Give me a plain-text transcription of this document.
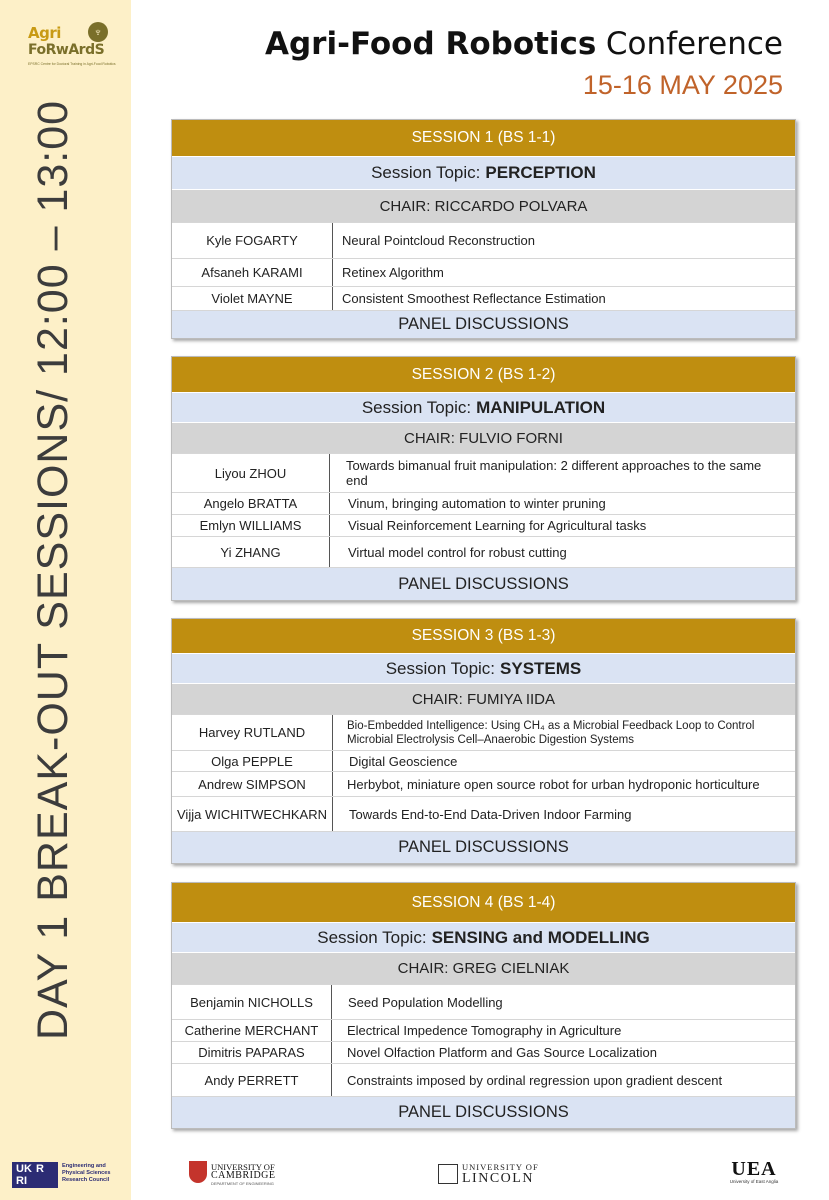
Agri	♆
FoRwArdS
EPSRC Centre for Doctoral Training in Agri-Food Robotics
DAY 1 BREAK-OUT SESSIONS/ 12:00 – 13:00
UK R
RI
Engineering and Physical Sciences Research Council
Agri-Food Robotics Conference
15-16 MAY 2025
SESSION 1 (BS 1-1)
Session Topic: PERCEPTION
CHAIR: RICCARDO POLVARA
Kyle FOGARTY	Neural Pointcloud Reconstruction
Afsaneh KARAMI	Retinex Algorithm
Violet MAYNE	Consistent Smoothest Reflectance Estimation
PANEL DISCUSSIONS
SESSION 2 (BS 1-2)
Session Topic: MANIPULATION
CHAIR: FULVIO FORNI
Liyou ZHOU	Towards bimanual fruit manipulation: 2 different approaches to the same end
Angelo BRATTA	Vinum, bringing automation to winter pruning
Emlyn WILLIAMS	Visual Reinforcement Learning for Agricultural tasks
Yi ZHANG	Virtual model control for robust cutting
PANEL DISCUSSIONS
SESSION 3 (BS 1-3)
Session Topic: SYSTEMS
CHAIR: FUMIYA IIDA
Harvey RUTLAND	Bio-Embedded Intelligence: Using CH₄ as a Microbial Feedback Loop to Control Microbial Electrolysis Cell–Anaerobic Digestion Systems
Olga PEPPLE	Digital Geoscience
Andrew SIMPSON	Herbybot, miniature open source robot for urban hydroponic horticulture
Vijja WICHITWECHKARN	Towards End-to-End Data-Driven Indoor Farming
PANEL DISCUSSIONS
SESSION 4 (BS 1-4)
Session Topic: SENSING and MODELLING
CHAIR: GREG CIELNIAK
Benjamin NICHOLLS	Seed Population Modelling
Catherine MERCHANT	Electrical Impedence Tomography in Agriculture
Dimitris PAPARAS	Novel Olfaction Platform and Gas Source Localization
Andy PERRETT	Constraints imposed by ordinal regression upon gradient descent
PANEL DISCUSSIONS
UNIVERSITY OF
CAMBRIDGE
DEPARTMENT OF ENGINEERING
UNIVERSITY OF
LINCOLN	UEA
University of East Anglia
